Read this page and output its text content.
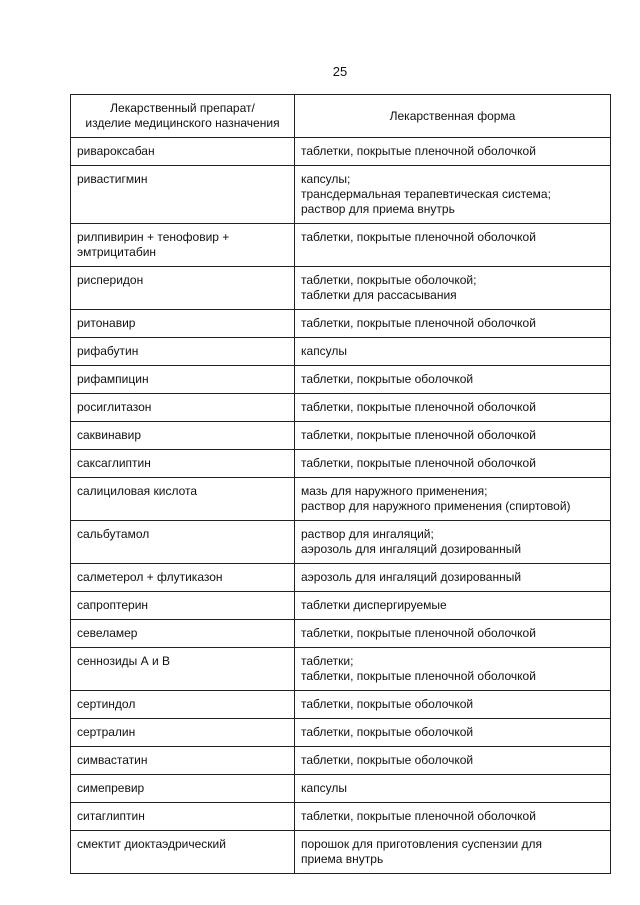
25
Лекарственный препарат/
изделие медицинского назначения	Лекарственная форма

ривароксабан	таблетки, покрытые пленочной оболочкой

ривастигмин	капсулы;
трансдермальная терапевтическая система;
раствор для приема внутрь

рилпивирин + тенофовир +
эмтрицитабин	таблетки, покрытые пленочной оболочкой

рисперидон	таблетки, покрытые оболочкой;
таблетки для рассасывания

ритонавир	таблетки, покрытые пленочной оболочкой

рифабутин	капсулы

рифампицин	таблетки, покрытые оболочкой

росиглитазон	таблетки, покрытые пленочной оболочкой

саквинавир	таблетки, покрытые пленочной оболочкой

саксаглиптин	таблетки, покрытые пленочной оболочкой

салициловая кислота	мазь для наружного применения;
раствор для наружного применения (спиртовой)

сальбутамол	раствор для ингаляций;
аэрозоль для ингаляций дозированный

салметерол + флутиказон	аэрозоль для ингаляций дозированный

сапроптерин	таблетки диспергируемые

севеламер	таблетки, покрытые пленочной оболочкой

сеннозиды А и В	таблетки;
таблетки, покрытые пленочной оболочкой

сертиндол	таблетки, покрытые оболочкой

сертралин	таблетки, покрытые оболочкой

симвастатин	таблетки, покрытые оболочкой

симепревир	капсулы

ситаглиптин	таблетки, покрытые пленочной оболочкой

смектит диоктаэдрический	порошок для приготовления суспензии для
приема внутрь
